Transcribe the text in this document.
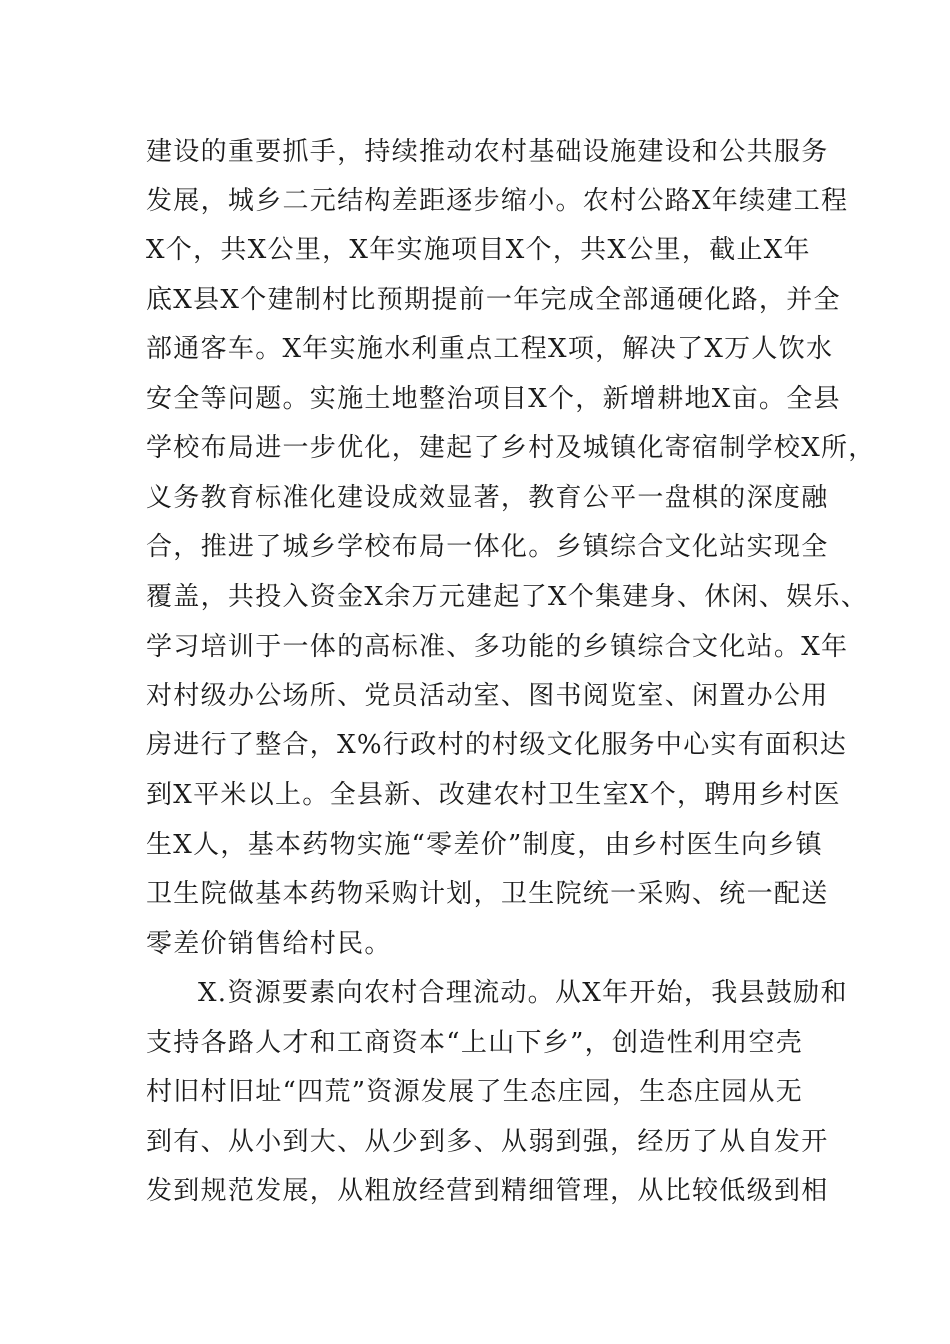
建设的重要抓手，持续推动农村基础设施建设和公共服务
发展，城乡二元结构差距逐步缩小。农村公路X年续建工程
X个，共X公里，X年实施项目X个，共X公里，截止X年
底X县X个建制村比预期提前一年完成全部通硬化路，并全
部通客车。X年实施水利重点工程X项，解决了X万人饮水
安全等问题。实施土地整治项目X个，新增耕地X亩。全县
学校布局进一步优化，建起了乡村及城镇化寄宿制学校X所，
义务教育标准化建设成效显著，教育公平一盘棋的深度融
合，推进了城乡学校布局一体化。乡镇综合文化站实现全
覆盖，共投入资金X余万元建起了X个集建身、休闲、娱乐、
学习培训于一体的高标准、多功能的乡镇综合文化站。X年
对村级办公场所、党员活动室、图书阅览室、闲置办公用
房进行了整合，X%行政村的村级文化服务中心实有面积达
到X平米以上。全县新、改建农村卫生室X个，聘用乡村医
生X人，基本药物实施“零差价”制度，由乡村医生向乡镇
卫生院做基本药物采购计划，卫生院统一采购、统一配送
零差价销售给村民。
X.资源要素向农村合理流动。从X年开始，我县鼓励和
支持各路人才和工商资本“上山下乡”，创造性利用空壳
村旧村旧址“四荒”资源发展了生态庄园，生态庄园从无
到有、从小到大、从少到多、从弱到强，经历了从自发开
发到规范发展，从粗放经营到精细管理，从比较低级到相
